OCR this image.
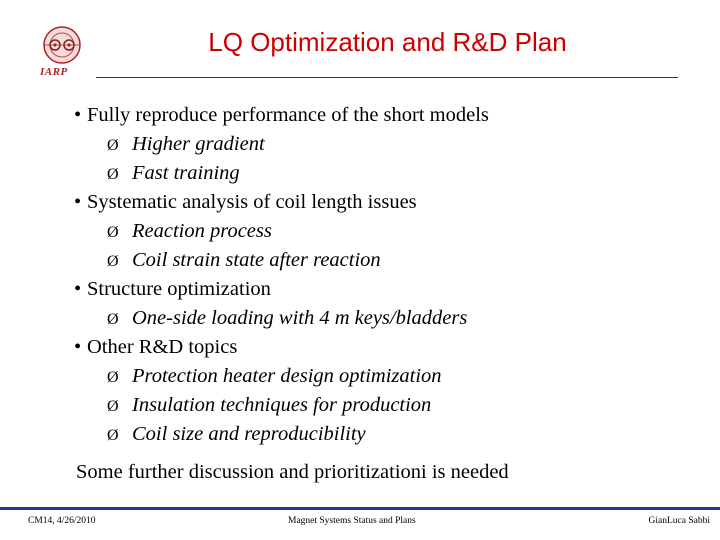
IARP
LQ Optimization and R&D Plan
• Fully reproduce performance of the short models
Ø Higher gradient
Ø Fast training
• Systematic analysis of coil length issues
Ø Reaction process
Ø Coil strain state after reaction
• Structure optimization
Ø One-side loading with 4 m keys/bladders
• Other R&D topics
Ø Protection heater design optimization
Ø Insulation techniques for production
Ø Coil size and reproducibility
Some further discussion and prioritizationi is needed
CM14, 4/26/2010	Magnet Systems Status and Plans	GianLuca Sabbi
